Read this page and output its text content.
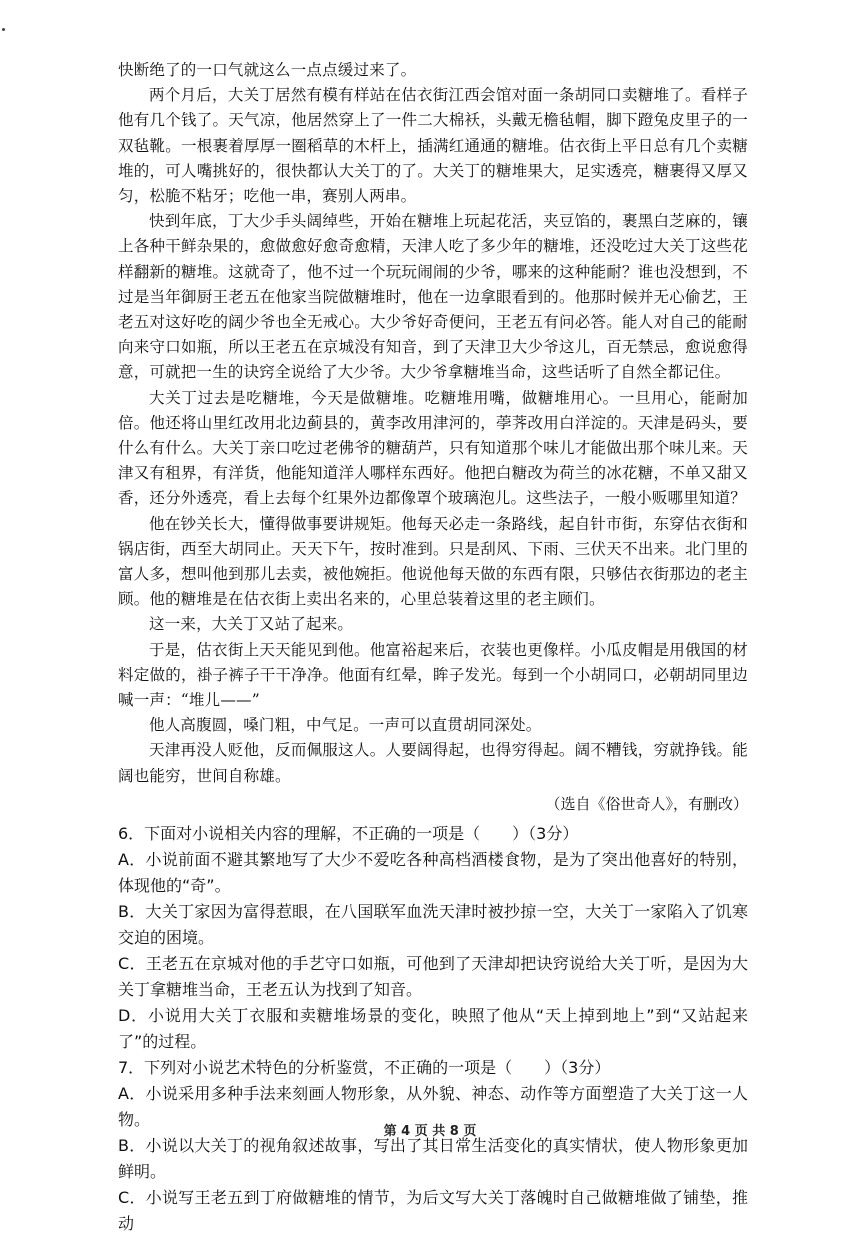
快断绝了的一口气就这么一点点缓过来了。

两个月后，大关丁居然有模有样站在估衣街江西会馆对面一条胡同口卖糖堆了。看样子他有几个钱了。天气凉，他居然穿上了一件二大棉袄，头戴无檐毡帽，脚下蹬兔皮里子的一双毡靴。一根裹着厚厚一圈稻草的木杆上，插满红通通的糖堆。估衣街上平日总有几个卖糖堆的，可人嘴挑好的，很快都认大关丁的了。大关丁的糖堆果大，足实透亮，糖裹得又厚又匀，松脆不粘牙；吃他一串，赛别人两串。

快到年底，丁大少手头阔绰些，开始在糖堆上玩起花活，夹豆馅的，裹黑白芝麻的，镶上各种干鲜杂果的，愈做愈好愈奇愈精，天津人吃了多少年的糖堆，还没吃过大关丁这些花样翻新的糖堆。这就奇了，他不过一个玩玩闹闹的少爷，哪来的这种能耐？谁也没想到，不过是当年御厨王老五在他家当院做糖堆时，他在一边拿眼看到的。他那时候并无心偷艺，王老五对这好吃的阔少爷也全无戒心。大少爷好奇便问，王老五有问必答。能人对自己的能耐向来守口如瓶，所以王老五在京城没有知音，到了天津卫大少爷这儿，百无禁忌，愈说愈得意，可就把一生的诀窍全说给了大少爷。大少爷拿糖堆当命，这些话听了自然全都记住。

大关丁过去是吃糖堆，今天是做糖堆。吃糖堆用嘴，做糖堆用心。一旦用心，能耐加倍。他还将山里红改用北边蓟县的，黄李改用津河的，荸荠改用白洋淀的。天津是码头，要什么有什么。大关丁亲口吃过老佛爷的糖葫芦，只有知道那个味儿才能做出那个味儿来。天津又有租界，有洋货，他能知道洋人哪样东西好。他把白糖改为荷兰的冰花糖，不单又甜又香，还分外透亮，看上去每个红果外边都像罩个玻璃泡儿。这些法子，一般小贩哪里知道？

他在钞关长大，懂得做事要讲规矩。他每天必走一条路线，起自针市街，东穿估衣街和锅店街，西至大胡同止。天天下午，按时准到。只是刮风、下雨、三伏天不出来。北门里的富人多，想叫他到那儿去卖，被他婉拒。他说他每天做的东西有限，只够估衣街那边的老主顾。他的糖堆是在估衣街上卖出名来的，心里总装着这里的老主顾们。

这一来，大关丁又站了起来。

于是，估衣街上天天能见到他。他富裕起来后，衣装也更像样。小瓜皮帽是用俄国的材料定做的，褂子裤子干干净净。他面有红晕，眸子发光。每到一个小胡同口，必朝胡同里边喊一声：“堆儿——”

他人高腹圆，嗓门粗，中气足。一声可以直贯胡同深处。

天津再没人贬他，反而佩服这人。人要阔得起，也得穷得起。阔不糟钱，穷就挣钱。能阔也能穷，世间自称雄。

（选自《俗世奇人》，有删改）

6．下面对小说相关内容的理解，不正确的一项是（　　）（3分）

A．小说前面不避其繁地写了大少不爱吃各种高档酒楼食物，是为了突出他喜好的特别，体现他的“奇”。

B．大关丁家因为富得惹眼，在八国联军血洗天津时被抄掠一空，大关丁一家陷入了饥寒交迫的困境。

C．王老五在京城对他的手艺守口如瓶，可他到了天津却把诀窍说给大关丁听，是因为大关丁拿糖堆当命，王老五认为找到了知音。

D．小说用大关丁衣服和卖糖堆场景的变化，映照了他从“天上掉到地上”到“又站起来了”的过程。

7．下列对小说艺术特色的分析鉴赏，不正确的一项是（　　）（3分）

A．小说采用多种手法来刻画人物形象，从外貌、神态、动作等方面塑造了大关丁这一人物。

B．小说以大关丁的视角叙述故事，写出了其日常生活变化的真实情状，使人物形象更加鲜明。

C．小说写王老五到丁府做糖堆的情节，为后文写大关丁落魄时自己做糖堆做了铺垫，推动

第 4 页 共 8 页
